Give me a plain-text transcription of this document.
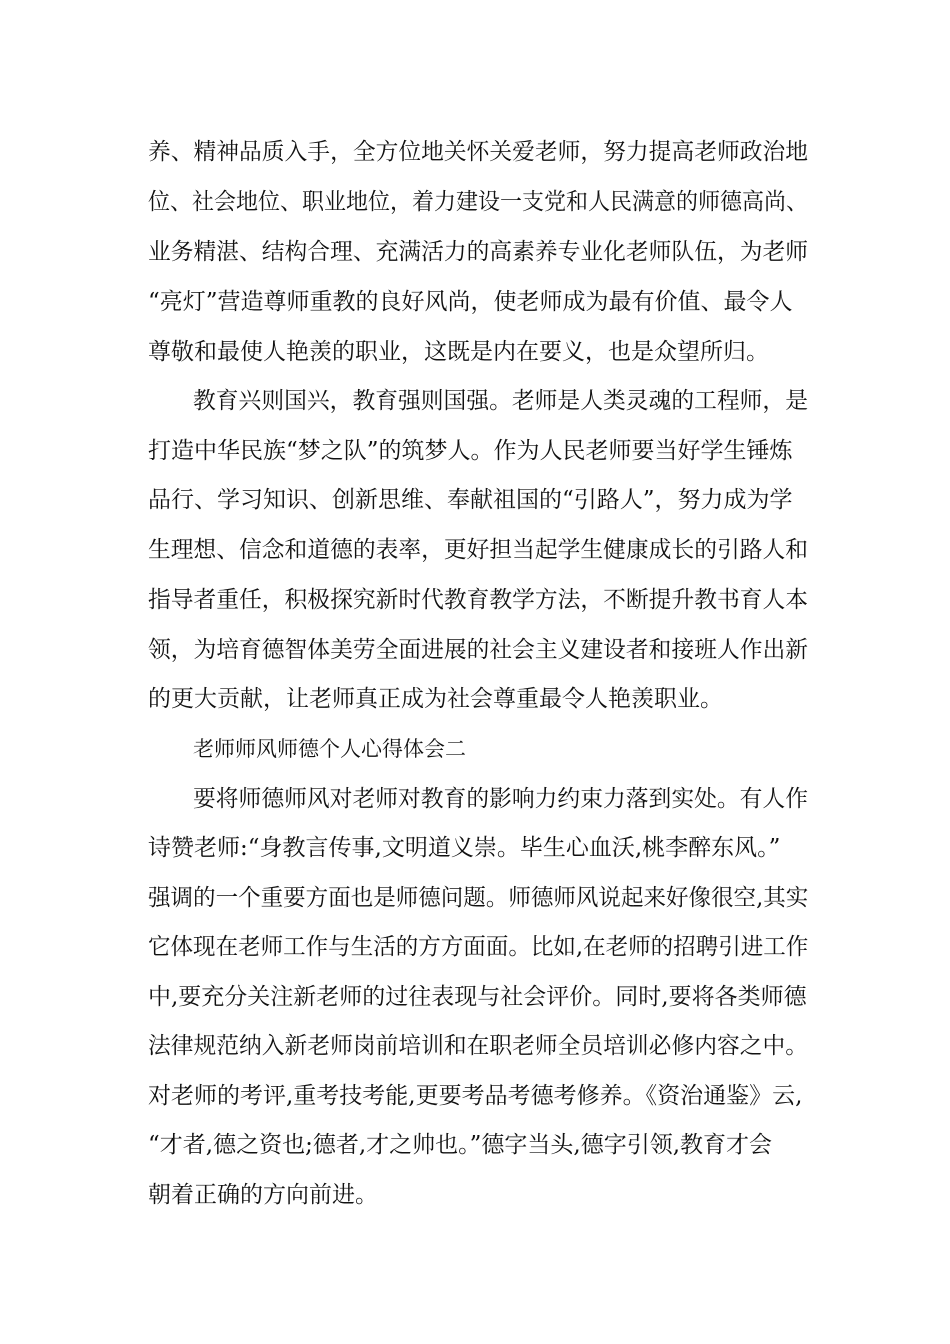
养、精神品质入手，全方位地关怀关爱老师，努力提高老师政治地
位、社会地位、职业地位，着力建设一支党和人民满意的师德高尚、
业务精湛、结构合理、充满活力的高素养专业化老师队伍，为老师
“亮灯”营造尊师重教的良好风尚，使老师成为最有价值、最令人
尊敬和最使人艳羡的职业，这既是内在要义，也是众望所归。
教育兴则国兴，教育强则国强。老师是人类灵魂的工程师，是
打造中华民族“梦之队”的筑梦人。作为人民老师要当好学生锤炼
品行、学习知识、创新思维、奉献祖国的“引路人”，努力成为学
生理想、信念和道德的表率，更好担当起学生健康成长的引路人和
指导者重任，积极探究新时代教育教学方法，不断提升教书育人本
领，为培育德智体美劳全面进展的社会主义建设者和接班人作出新
的更大贡献，让老师真正成为社会尊重最令人艳羡职业。
老师师风师德个人心得体会二
要将师德师风对老师对教育的影响力约束力落到实处。有人作
诗赞老师:“身教言传事,文明道义崇。毕生心血沃,桃李醉东风。”
强调的一个重要方面也是师德问题。师德师风说起来好像很空,其实
它体现在老师工作与生活的方方面面。比如,在老师的招聘引进工作
中,要充分关注新老师的过往表现与社会评价。同时,要将各类师德
法律规范纳入新老师岗前培训和在职老师全员培训必修内容之中。
对老师的考评,重考技考能,更要考品考德考修养。《资治通鉴》云,
“才者,德之资也;德者,才之帅也。”德字当头,德字引领,教育才会
朝着正确的方向前进。
